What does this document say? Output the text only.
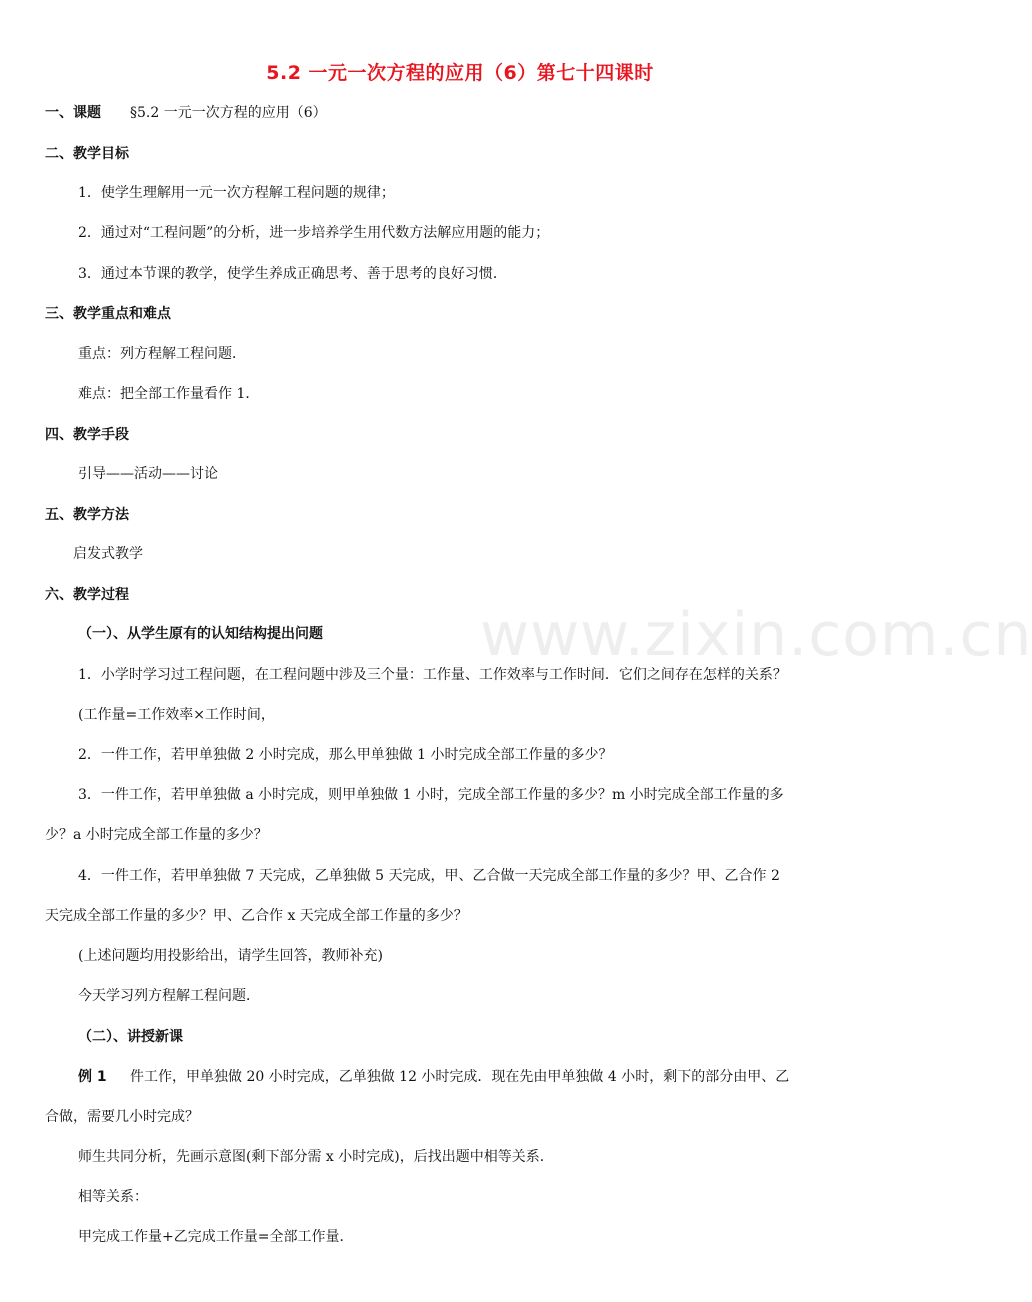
www.zixin.com.cn
5.2 一元一次方程的应用（6）第七十四课时
一、课题 §5.2 一元一次方程的应用（6）
二、教学目标
1．使学生理解用一元一次方程解工程问题的规律；
2．通过对“工程问题”的分析，进一步培养学生用代数方法解应用题的能力；
3．通过本节课的教学，使学生养成正确思考、善于思考的良好习惯．
三、教学重点和难点
重点：列方程解工程问题．
难点：把全部工作量看作 1．
四、教学手段
引导——活动——讨论
五、教学方法
启发式教学
六、教学过程
（一）、从学生原有的认知结构提出问题
1．小学时学习过工程问题，在工程问题中涉及三个量：工作量、工作效率与工作时间．它们之间存在怎样的关系？
(工作量=工作效率×工作时间，
2．一件工作，若甲单独做 2 小时完成，那么甲单独做 1 小时完成全部工作量的多少？
3．一件工作，若甲单独做 a 小时完成，则甲单独做 1 小时，完成全部工作量的多少？m 小时完成全部工作量的多
少？a 小时完成全部工作量的多少？
4．一件工作，若甲单独做 7 天完成，乙单独做 5 天完成，甲、乙合做一天完成全部工作量的多少？甲、乙合作 2
天完成全部工作量的多少？甲、乙合作 x 天完成全部工作量的多少？
(上述问题均用投影给出，请学生回答，教师补充)
今天学习列方程解工程问题．
（二）、讲授新课
例 1 件工作，甲单独做 20 小时完成，乙单独做 12 小时完成．现在先由甲单独做 4 小时，剩下的部分由甲、乙
合做，需要几小时完成？
师生共同分析，先画示意图(剩下部分需 x 小时完成)，后找出题中相等关系．
相等关系：
甲完成工作量+乙完成工作量=全部工作量．
